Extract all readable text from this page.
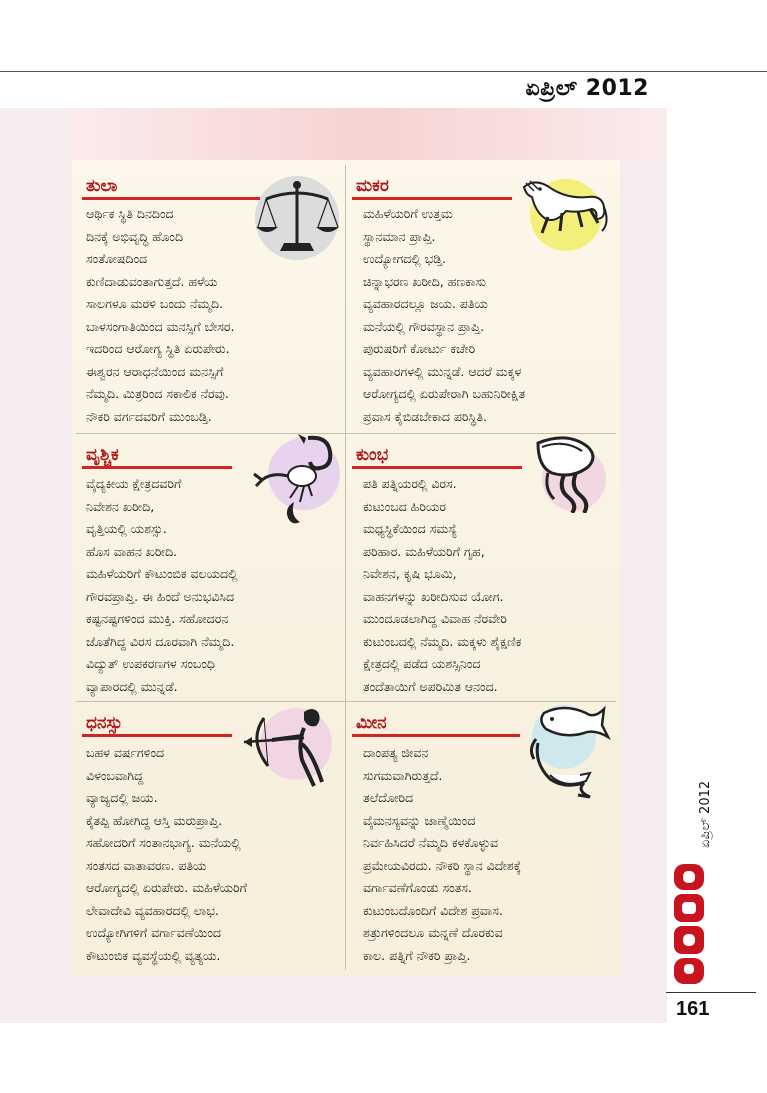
ಏಪ್ರಿಲ್ 2012
ತುಲಾ
ಆರ್ಥಿಕ ಸ್ಥಿತಿ ದಿನದಿಂದ
ದಿನಕ್ಕೆ ಅಭಿವೃದ್ಧಿ ಹೊಂದಿ
ಸಂತೋಷದಿಂದ
ಕುಣಿದಾಡುವಂತಾಗುತ್ತದೆ. ಹಳೆಯ
ಸಾಲಗಳೂ ಮರಳಿ ಬಂದು ನೆಮ್ಮದಿ.
ಬಾಳಸಂಗಾತಿಯಿಂದ ಮನಸ್ಸಿಗೆ ಬೇಸರ.
ಇದರಿಂದ ಆರೋಗ್ಯ ಸ್ಥಿತಿ ಏರುಪೇರು.
ಈಶ್ವರನ ಆರಾಧನೆಯಿಂದ ಮನಸ್ಸಿಗೆ
ನೆಮ್ಮದಿ. ಮಿತ್ರರಿಂದ ಸಕಾಲಿಕ ನೆರವು.
ನೌಕರಿ ವರ್ಗದವರಿಗೆ ಮುಂಬಡ್ತಿ.
ಮಕರ
ಮಹಿಳೆಯರಿಗೆ ಉತ್ತಮ
ಸ್ಥಾನಮಾನ ಪ್ರಾಪ್ತಿ.
ಉದ್ಯೋಗದಲ್ಲಿ ಭಡ್ತಿ.
ಚಿನ್ನಾಭರಣ ಖರೀದಿ, ಹಣಕಾಸು
ವ್ಯವಹಾರದಲ್ಲೂ ಜಯ. ಪತಿಯ
ಮನೆಯಲ್ಲಿ ಗೌರವಸ್ಥಾನ ಪ್ರಾಪ್ತಿ.
ಪುರುಷರಿಗೆ ಕೋರ್ಟು ಕಚೇರಿ
ವ್ಯವಹಾರಗಳಲ್ಲಿ ಮುನ್ನಡೆ. ಆದರೆ ಮಕ್ಕಳ
ಆರೋಗ್ಯದಲ್ಲಿ ಏರುಪೇರಾಗಿ ಬಹುನಿರೀಕ್ಷಿತ
ಪ್ರವಾಸ ಕೈಬಿಡಬೇಕಾದ ಪರಿಸ್ಥಿತಿ.
ವೃಶ್ಚಿಕ
ವೈದ್ಯಕೀಯ ಕ್ಷೇತ್ರದವರಿಗೆ
ನಿವೇಶನ ಖರೀದಿ,
ವೃತ್ತಿಯಲ್ಲಿ ಯಶಸ್ಸು.
ಹೊಸ ವಾಹನ ಖರೀದಿ.
ಮಹಿಳೆಯರಿಗೆ ಕೌಟುಂಬಿಕ ವಲಯದಲ್ಲಿ
ಗೌರವಪ್ರಾಪ್ತಿ. ಈ ಹಿಂದೆ ಅನುಭವಿಸಿದ
ಕಷ್ಟನಷ್ಟಗಳಿಂದ ಮುಕ್ತಿ. ಸಹೋದರನ
ಜೊತೆಗಿದ್ದ ವಿರಸ ದೂರವಾಗಿ ನೆಮ್ಮದಿ.
ವಿದ್ಯುತ್ ಉಪಕರಣಗಳ ಸಂಬಂಧಿ
ವ್ಯಾಪಾರದಲ್ಲಿ ಮುನ್ನಡೆ.
ಕುಂಭ
ಪತಿ ಪತ್ನಿಯರಲ್ಲಿ ವಿರಸ.
ಕುಟುಂಬದ ಹಿರಿಯರ
ಮಧ್ಯಸ್ಥಿಕೆಯಿಂದ ಸಮಸ್ಯೆ
ಪರಿಹಾರ. ಮಹಿಳೆಯರಿಗೆ ಗೃಹ,
ನಿವೇಶನ, ಕೃಷಿ ಭೂಮಿ,
ವಾಹನಗಳನ್ನು ಖರೀದಿಸುವ ಯೋಗ.
ಮುಂದೂಡಲಾಗಿದ್ದ ವಿವಾಹ ನೆರವೇರಿ
ಕುಟುಂಬದಲ್ಲಿ ನೆಮ್ಮದಿ. ಮಕ್ಕಳು ಶೈಕ್ಷಣಿಕ
ಕ್ಷೇತ್ರದಲ್ಲಿ ಪಡೆದ ಯಶಸ್ಸಿನಿಂದ
ತಂದೆತಾಯಿಗೆ ಅಪರಿಮಿತ ಆನಂದ.
ಧನಸ್ಸು
ಬಹಳ ವರ್ಷಗಳಿಂದ
ವಿಳಂಬವಾಗಿದ್ದ
ವ್ಯಾಜ್ಯದಲ್ಲಿ ಜಯ.
ಕೈತಪ್ಪಿ ಹೋಗಿದ್ದ ಆಸ್ತಿ ಮರುಪ್ರಾಪ್ತಿ.
ಸಹೋದರಿಗೆ ಸಂತಾನಭಾಗ್ಯ. ಮನೆಯಲ್ಲಿ
ಸಂತಸದ ವಾತಾವರಣ. ಪತಿಯ
ಆರೋಗ್ಯದಲ್ಲಿ ಏರುಪೇರು. ಮಹಿಳೆಯರಿಗೆ
ಲೇವಾದೇವಿ ವ್ಯವಹಾರದಲ್ಲಿ ಲಾಭ.
ಉದ್ಯೋಗಿಗಳಿಗೆ ವರ್ಗಾವಣೆಯಿಂದ
ಕೌಟುಂಬಿಕ ವ್ಯವಸ್ಥೆಯಲ್ಲಿ ವ್ಯತ್ಯಯ.
ಮೀನ
ದಾಂಪತ್ಯ ಜೀವನ
ಸುಗಮವಾಗಿರುತ್ತದೆ.
ತಲೆದೋರಿದ
ವೈಮನಸ್ಯವನ್ನು ಜಾಣ್ಮೆಯಿಂದ
ನಿರ್ವಹಿಸಿದರೆ ನೆಮ್ಮದಿ ಕಳಕೊಳ್ಳುವ
ಪ್ರಮೇಯವಿರದು. ನೌಕರಿ ಸ್ಥಾನ ವಿದೇಶಕ್ಕೆ
ವರ್ಗಾವಣೆಗೊಂಡು ಸಂತಸ.
ಕುಟುಂಬದೊಂದಿಗೆ ವಿದೇಶ ಪ್ರವಾಸ.
ಶತ್ರುಗಳಿಂದಲೂ ಮನ್ನಣೆ ದೊರಕುವ
ಕಾಲ. ಪತ್ನಿಗೆ ನೌಕರಿ ಪ್ರಾಪ್ತಿ.
ಏಪ್ರಿಲ್ 2012
161
